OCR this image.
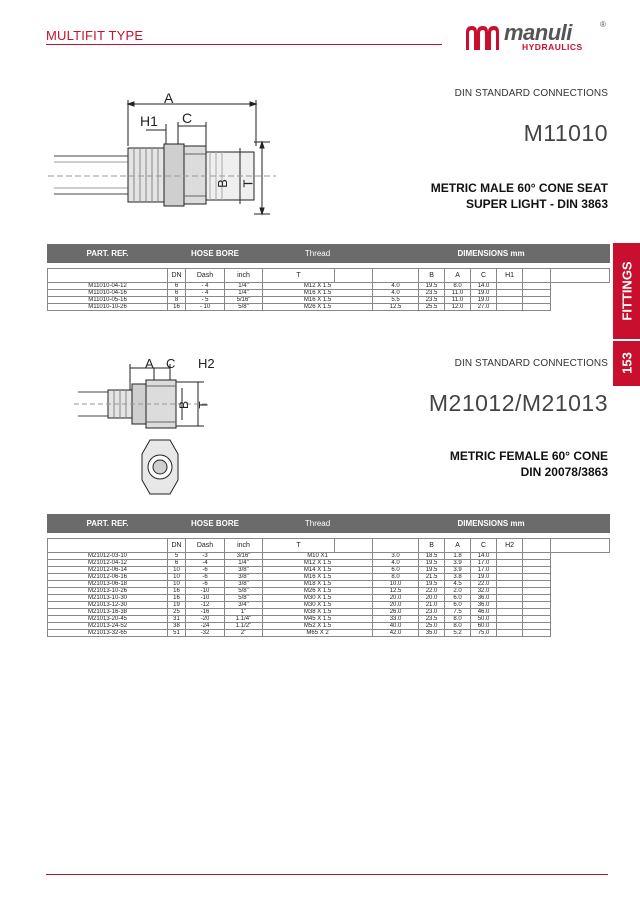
MULTIFIT TYPE	manuli	®
HYDRAULICS
FITTINGS
153
DIN STANDARD CONNECTIONS
M11010
METRIC MALE 60° CONE SEAT
SUPER LIGHT - DIN 3863
A
H1 C
B T
PART. REF.	HOSE BORE			Thread		DIMENSIONS mm						

	DN	Dash	inch	T			B	A	C	H1		
M11010-04-12	6	- 4	1/4"	M12 X 1.5		4.0	19.5	8.0	14.0			
M11010-04-16	6	- 4	1/4"	M16 X 1.5		4.0	23.5	11.0	19.0			
M11010-05-16	8	- 5	5/16"	M16 X 1.5		5.5	23.5	11.0	19.0			
M11010-10-26	16	- 10	5/8"	M26 X 1.5		12.5	25.5	12.0	27.0			
DIN STANDARD CONNECTIONS
M21012/M21013
METRIC FEMALE 60° CONE
DIN 20078/3863
A C H2
B T
PART. REF.	HOSE BORE			Thread		DIMENSIONS mm						

	DN	Dash	inch	T			B	A	C	H2		
M21012-03-10	5	-3	3/16"	M10 X1		3.0	18.5	1.8	14.0			
M21012-04-12	6	-4	1/4"	M12 X 1.5		4.0	19.5	3.9	17.0			
M21012-06-14	10	-6	3/8"	M14 X 1.5		6.0	19.5	3.9	17.0			
M21012-06-16	10	-6	3/8"	M16 X 1.5		8.0	21.5	3.8	19.0			
M21013-06-18	10	-6	3/8"	M18 X 1.5		10.0	19.5	4.5	22.0			
M21013-10-26	16	-10	5/8"	M26 X 1.5		12.5	22.0	2.0	32.0			
M21013-10-30	16	-10	5/8"	M30 X 1.5		20.0	20.0	6.0	36.0			
M21013-12-30	19	-12	3/4"	M30 X 1.5		20.0	21.0	6.0	36.0			
M21013-16-38	25	-16	1"	M38 X 1.5		26.0	23.0	7.5	46.0			
M21013-20-45	31	-20	1.1/4"	M45 X 1.5		33.0	23.5	8.0	50.0			
M21013-24-52	38	-24	1.1/2"	M52 X 1.5		40.0	25.0	8.0	60.0			
M21013-32-65	51	-32	2"	M65 X 2		42.0	35.0	5.2	75.0			
